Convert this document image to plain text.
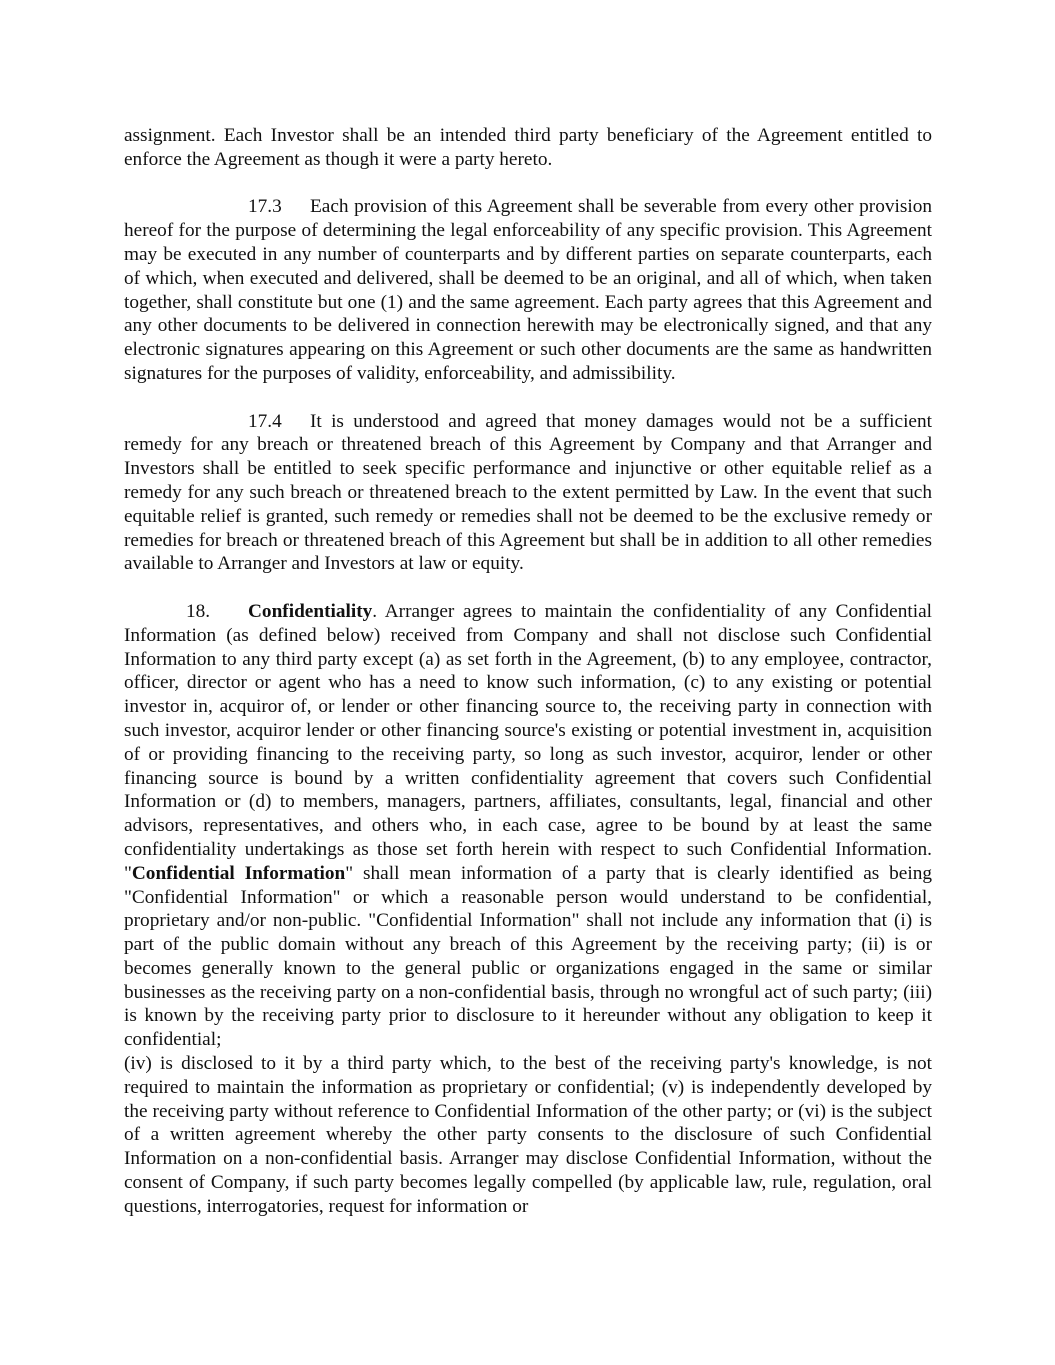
assignment. Each Investor shall be an intended third party beneficiary of the Agreement entitled to enforce the Agreement as though it were a party hereto.

17.3 Each provision of this Agreement shall be severable from every other provision hereof for the purpose of determining the legal enforceability of any specific provision. This Agreement may be executed in any number of counterparts and by different parties on separate counterparts, each of which, when executed and delivered, shall be deemed to be an original, and all of which, when taken together, shall constitute but one (1) and the same agreement. Each party agrees that this Agreement and any other documents to be delivered in connection herewith may be electronically signed, and that any electronic signatures appearing on this Agreement or such other documents are the same as handwritten signatures for the purposes of validity, enforceability, and admissibility.

17.4 It is understood and agreed that money damages would not be a sufficient remedy for any breach or threatened breach of this Agreement by Company and that Arranger and Investors shall be entitled to seek specific performance and injunctive or other equitable relief as a remedy for any such breach or threatened breach to the extent permitted by Law. In the event that such equitable relief is granted, such remedy or remedies shall not be deemed to be the exclusive remedy or remedies for breach or threatened breach of this Agreement but shall be in addition to all other remedies available to Arranger and Investors at law or equity.

18. Confidentiality. Arranger agrees to maintain the confidentiality of any Confidential Information (as defined below) received from Company and shall not disclose such Confidential Information to any third party except (a) as set forth in the Agreement, (b) to any employee, contractor, officer, director or agent who has a need to know such information, (c) to any existing or potential investor in, acquiror of, or lender or other financing source to, the receiving party in connection with such investor, acquiror lender or other financing source's existing or potential investment in, acquisition of or providing financing to the receiving party, so long as such investor, acquiror, lender or other financing source is bound by a written confidentiality agreement that covers such Confidential Information or (d) to members, managers, partners, affiliates, consultants, legal, financial and other advisors, representatives, and others who, in each case, agree to be bound by at least the same confidentiality undertakings as those set forth herein with respect to such Confidential Information. "Confidential Information" shall mean information of a party that is clearly identified as being "Confidential Information" or which a reasonable person would understand to be confidential, proprietary and/or non-public. "Confidential Information" shall not include any information that (i) is part of the public domain without any breach of this Agreement by the receiving party; (ii) is or becomes generally known to the general public or organizations engaged in the same or similar businesses as the receiving party on a non-confidential basis, through no wrongful act of such party; (iii) is known by the receiving party prior to disclosure to it hereunder without any obligation to keep it confidential;

(iv) is disclosed to it by a third party which, to the best of the receiving party's knowledge, is not required to maintain the information as proprietary or confidential; (v) is independently developed by the receiving party without reference to Confidential Information of the other party; or (vi) is the subject of a written agreement whereby the other party consents to the disclosure of such Confidential Information on a non-confidential basis. Arranger may disclose Confidential Information, without the consent of Company, if such party becomes legally compelled (by applicable law, rule, regulation, oral questions, interrogatories, request for information or
